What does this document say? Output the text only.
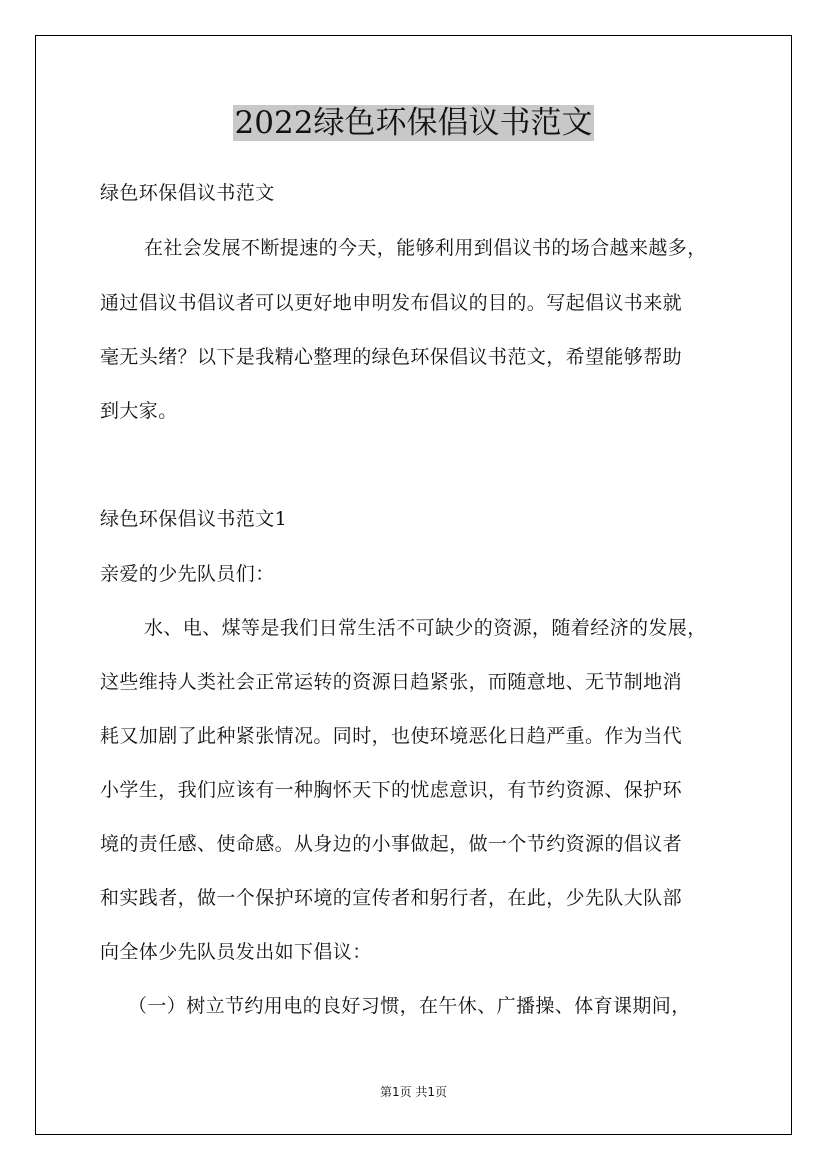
2022绿色环保倡议书范文

绿色环保倡议书范文

在社会发展不断提速的今天，能够利用到倡议书的场合越来越多，

通过倡议书倡议者可以更好地申明发布倡议的目的。写起倡议书来就

毫无头绪？以下是我精心整理的绿色环保倡议书范文，希望能够帮助

到大家。

绿色环保倡议书范文1

亲爱的少先队员们：

水、电、煤等是我们日常生活不可缺少的资源，随着经济的发展，

这些维持人类社会正常运转的资源日趋紧张，而随意地、无节制地消

耗又加剧了此种紧张情况。同时，也使环境恶化日趋严重。作为当代

小学生，我们应该有一种胸怀天下的忧虑意识，有节约资源、保护环

境的责任感、使命感。从身边的小事做起，做一个节约资源的倡议者

和实践者，做一个保护环境的宣传者和躬行者，在此，少先队大队部

向全体少先队员发出如下倡议：

（一）树立节约用电的良好习惯，在午休、广播操、体育课期间，

第1页 共1页
